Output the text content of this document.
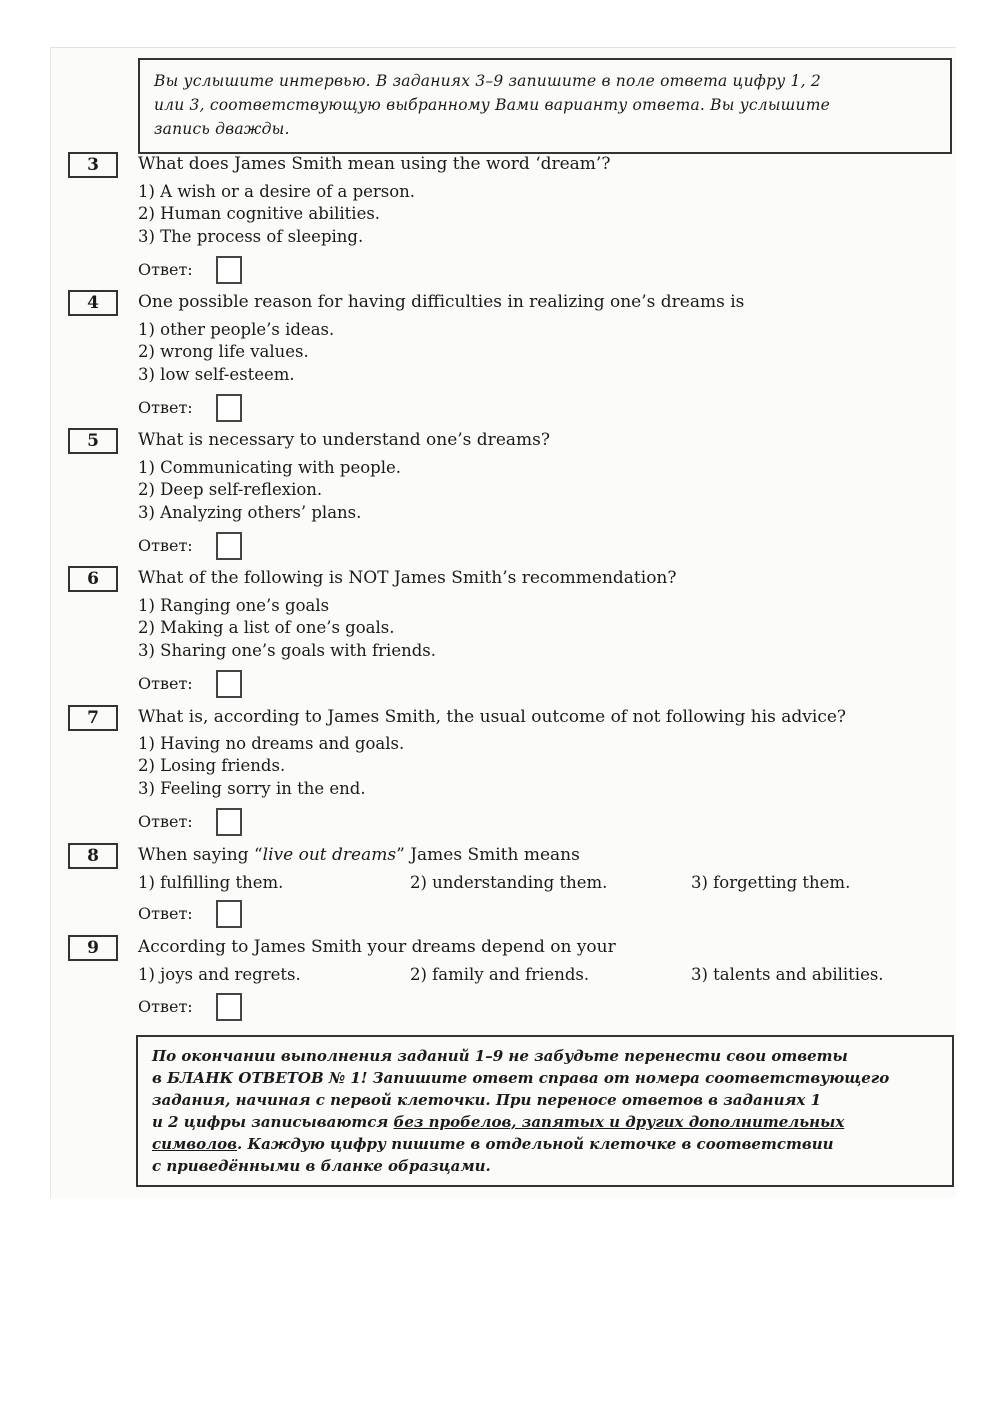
Вы услышите интервью. В заданиях 3–9 запишите в поле ответа цифру 1, 2
или 3, соответствующую выбранному Вами варианту ответа. Вы услышите
запись дважды.
3	What does James Smith mean using the word ‘dream’?
1) A wish or a desire of a person.
2) Human cognitive abilities.
3) The process of sleeping.
Ответ:
4	One possible reason for having difficulties in realizing one’s dreams is
1) other people’s ideas.
2) wrong life values.
3) low self-esteem.
Ответ:
5	What is necessary to understand one’s dreams?
1) Communicating with people.
2) Deep self-reflexion.
3) Analyzing others’ plans.
Ответ:
6	What of the following is NOT James Smith’s recommendation?
1) Ranging one’s goals
2) Making a list of one’s goals.
3) Sharing one’s goals with friends.
Ответ:
7	What is, according to James Smith, the usual outcome of not following his advice?
1) Having no dreams and goals.
2) Losing friends.
3) Feeling sorry in the end.
Ответ:
8	When saying “live out dreams” James Smith means
1) fulfilling them.	2) understanding them.	3) forgetting them.
Ответ:
9	According to James Smith your dreams depend on your
1) joys and regrets.	2) family and friends.	3) talents and abilities.
Ответ:
По окончании выполнения заданий 1–9 не забудьте перенести свои ответы
в БЛАНК ОТВЕТОВ № 1! Запишите ответ справа от номера соответствующего
задания, начиная с первой клеточки. При переносе ответов в заданиях 1
и 2 цифры записываются без пробелов, запятых и других дополнительных
символов. Каждую цифру пишите в отдельной клеточке в соответствии
с приведёнными в бланке образцами.
